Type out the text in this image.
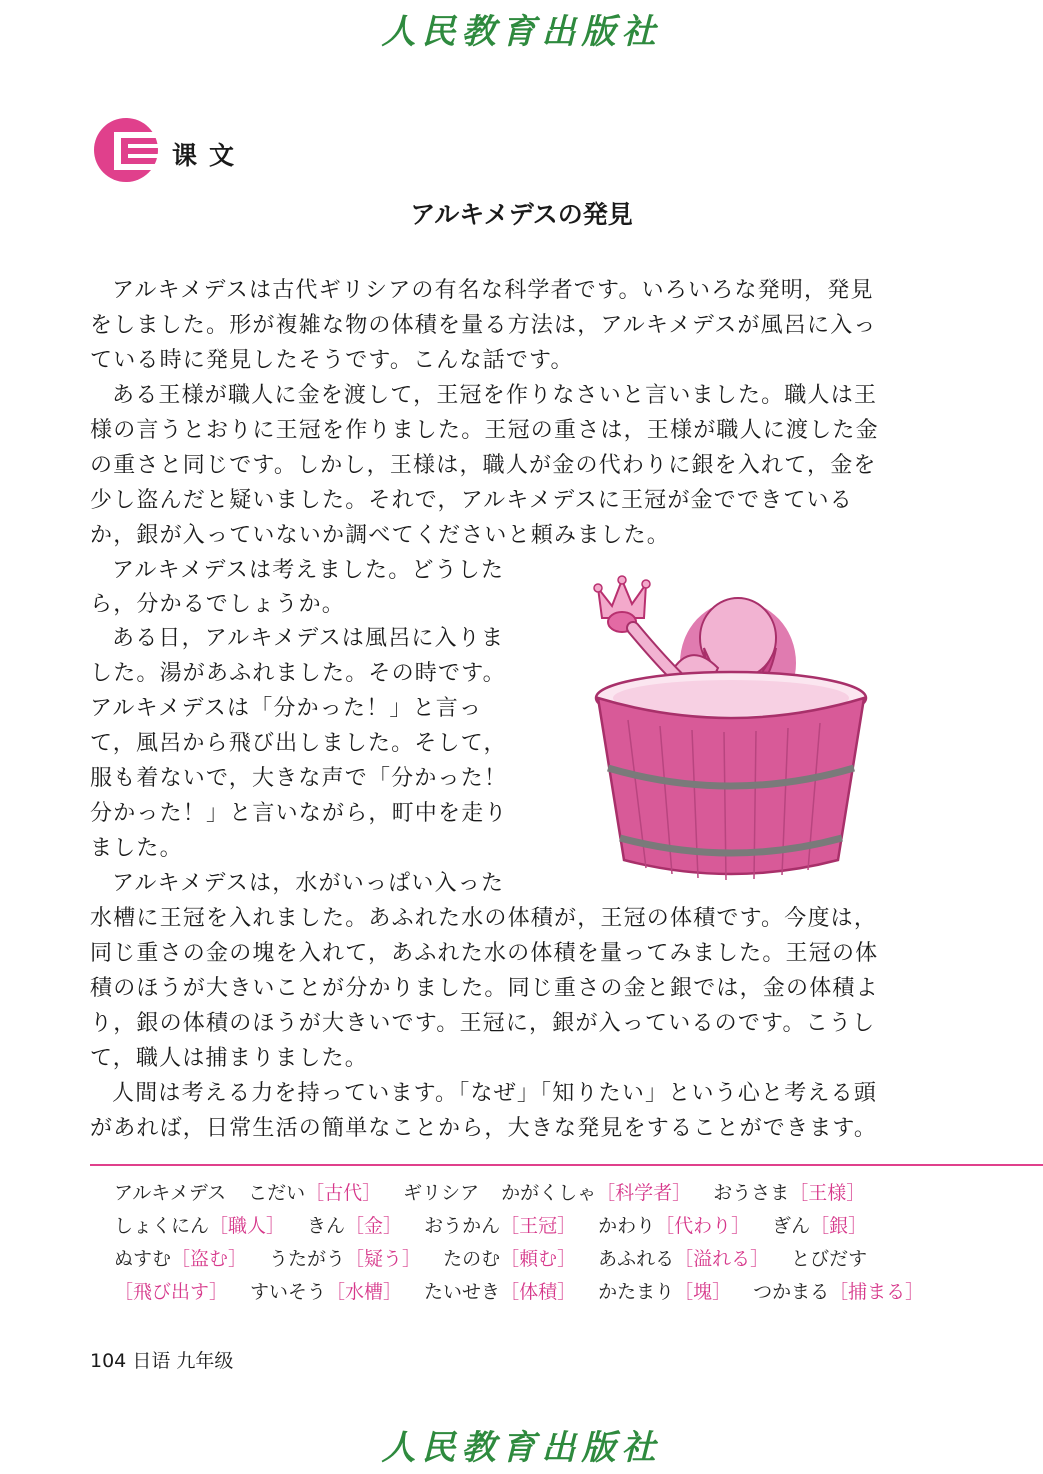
人民教育出版社
课文
アルキメデスの発見
アルキメデスは古代ギリシアの有名な科学者です。いろいろな発明，発見
をしました。形が複雑な物の体積を量る方法は，アルキメデスが風呂に入っ
ている時に発見したそうです。こんな話です。
ある王様が職人に金を渡して，王冠を作りなさいと言いました。職人は王
様の言うとおりに王冠を作りました。王冠の重さは，王様が職人に渡した金
の重さと同じです。しかし，王様は，職人が金の代わりに銀を入れて，金を
少し盗んだと疑いました。それで，アルキメデスに王冠が金でできている
か，銀が入っていないか調べてくださいと頼みました。
アルキメデスは考えました。どうした
ら，分かるでしょうか。
ある日，アルキメデスは風呂に入りま
した。湯があふれました。その時です。
アルキメデスは「分かった！」と言っ
て，風呂から飛び出しました。そして，
服も着ないで，大きな声で「分かった！
分かった！」と言いながら，町中を走り
ました。
アルキメデスは，水がいっぱい入った
水槽に王冠を入れました。あふれた水の体積が，王冠の体積です。今度は，
同じ重さの金の塊を入れて，あふれた水の体積を量ってみました。王冠の体
積のほうが大きいことが分かりました。同じ重さの金と銀では，金の体積よ
り，銀の体積のほうが大きいです。王冠に，銀が入っているのです。こうし
て，職人は捕まりました。
人間は考える力を持っています。「なぜ」「知りたい」という心と考える頭
があれば，日常生活の簡単なことから，大きな発見をすることができます。
アルキメデス こだい［古代］ ギリシア かがくしゃ［科学者］ おうさま［王様］
しょくにん［職人］ きん［金］ おうかん［王冠］ かわり［代わり］ ぎん［銀］
ぬすむ［盗む］ うたがう［疑う］ たのむ［頼む］ あふれる［溢れる］ とびだす
［飛び出す］ すいそう［水槽］ たいせき［体積］ かたまり［塊］ つかまる［捕まる］
104 日语 九年级
人民教育出版社
